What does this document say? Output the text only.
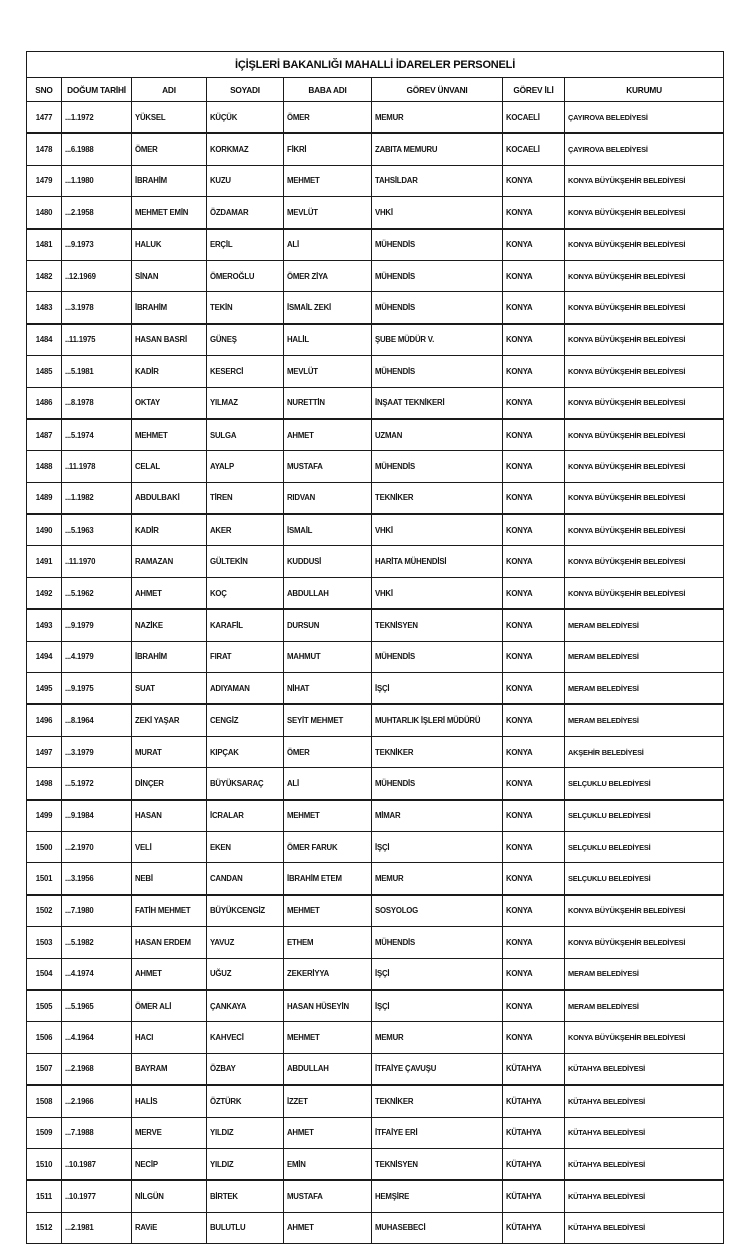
İÇİŞLERİ BAKANLIĞI MAHALLİ İDARELER PERSONELİ							
SNO	DOĞUM TARİHİ	ADI	SOYADI	BABA ADI	GÖREV ÜNVANI	GÖREV İLİ	KURUMU
1477	...1.1972	YÜKSEL	KÜÇÜK	ÖMER	MEMUR	KOCAELİ	ÇAYIROVA BELEDİYESİ
1478	...6.1988	ÖMER	KORKMAZ	FİKRİ	ZABITA MEMURU	KOCAELİ	ÇAYIROVA BELEDİYESİ
1479	...1.1980	İBRAHİM	KUZU	MEHMET	TAHSİLDAR	KONYA	KONYA BÜYÜKŞEHİR BELEDİYESİ
1480	...2.1958	MEHMET EMİN	ÖZDAMAR	MEVLÜT	VHKİ	KONYA	KONYA BÜYÜKŞEHİR BELEDİYESİ
1481	...9.1973	HALUK	ERÇİL	ALİ	MÜHENDİS	KONYA	KONYA BÜYÜKŞEHİR BELEDİYESİ
1482	..12.1969	SİNAN	ÖMEROĞLU	ÖMER ZİYA	MÜHENDİS	KONYA	KONYA BÜYÜKŞEHİR BELEDİYESİ
1483	...3.1978	İBRAHİM	TEKİN	İSMAİL ZEKİ	MÜHENDİS	KONYA	KONYA BÜYÜKŞEHİR BELEDİYESİ
1484	..11.1975	HASAN BASRİ	GÜNEŞ	HALİL	ŞUBE MÜDÜR V.	KONYA	KONYA BÜYÜKŞEHİR BELEDİYESİ
1485	...5.1981	KADİR	KESERCİ	MEVLÜT	MÜHENDİS	KONYA	KONYA BÜYÜKŞEHİR BELEDİYESİ
1486	...8.1978	OKTAY	YILMAZ	NURETTİN	İNŞAAT TEKNİKERİ	KONYA	KONYA BÜYÜKŞEHİR BELEDİYESİ
1487	...5.1974	MEHMET	SULGA	AHMET	UZMAN	KONYA	KONYA BÜYÜKŞEHİR BELEDİYESİ
1488	..11.1978	CELAL	AYALP	MUSTAFA	MÜHENDİS	KONYA	KONYA BÜYÜKŞEHİR BELEDİYESİ
1489	...1.1982	ABDULBAKİ	TİREN	RIDVAN	TEKNİKER	KONYA	KONYA BÜYÜKŞEHİR BELEDİYESİ
1490	...5.1963	KADİR	AKER	İSMAİL	VHKİ	KONYA	KONYA BÜYÜKŞEHİR BELEDİYESİ
1491	..11.1970	RAMAZAN	GÜLTEKİN	KUDDUSİ	HARİTA MÜHENDİSİ	KONYA	KONYA BÜYÜKŞEHİR BELEDİYESİ
1492	...5.1962	AHMET	KOÇ	ABDULLAH	VHKİ	KONYA	KONYA BÜYÜKŞEHİR BELEDİYESİ
1493	...9.1979	NAZİKE	KARAFİL	DURSUN	TEKNİSYEN	KONYA	MERAM BELEDİYESİ
1494	...4.1979	İBRAHİM	FIRAT	MAHMUT	MÜHENDİS	KONYA	MERAM BELEDİYESİ
1495	...9.1975	SUAT	ADIYAMAN	NİHAT	İŞÇİ	KONYA	MERAM BELEDİYESİ
1496	...8.1964	ZEKİ YAŞAR	CENGİZ	SEYİT MEHMET	MUHTARLIK İŞLERİ MÜDÜRÜ	KONYA	MERAM BELEDİYESİ
1497	...3.1979	MURAT	KIPÇAK	ÖMER	TEKNİKER	KONYA	AKŞEHİR BELEDİYESİ
1498	...5.1972	DİNÇER	BÜYÜKSARAÇ	ALİ	MÜHENDİS	KONYA	SELÇUKLU BELEDİYESİ
1499	...9.1984	HASAN	İCRALAR	MEHMET	MİMAR	KONYA	SELÇUKLU BELEDİYESİ
1500	...2.1970	VELİ	EKEN	ÖMER FARUK	İŞÇİ	KONYA	SELÇUKLU BELEDİYESİ
1501	...3.1956	NEBİ	CANDAN	İBRAHİM ETEM	MEMUR	KONYA	SELÇUKLU BELEDİYESİ
1502	...7.1980	FATİH MEHMET	BÜYÜKCENGİZ	MEHMET	SOSYOLOG	KONYA	KONYA BÜYÜKŞEHİR BELEDİYESİ
1503	...5.1982	HASAN ERDEM	YAVUZ	ETHEM	MÜHENDİS	KONYA	KONYA BÜYÜKŞEHİR BELEDİYESİ
1504	...4.1974	AHMET	UĞUZ	ZEKERİYYA	İŞÇİ	KONYA	MERAM BELEDİYESİ
1505	...5.1965	ÖMER ALİ	ÇANKAYA	HASAN HÜSEYİN	İŞÇİ	KONYA	MERAM BELEDİYESİ
1506	...4.1964	HACI	KAHVECİ	MEHMET	MEMUR	KONYA	KONYA BÜYÜKŞEHİR BELEDİYESİ
1507	...2.1968	BAYRAM	ÖZBAY	ABDULLAH	İTFAİYE ÇAVUŞU	KÜTAHYA	KÜTAHYA BELEDİYESİ
1508	...2.1966	HALİS	ÖZTÜRK	İZZET	TEKNİKER	KÜTAHYA	KÜTAHYA BELEDİYESİ
1509	...7.1988	MERVE	YILDIZ	AHMET	İTFAİYE ERİ	KÜTAHYA	KÜTAHYA BELEDİYESİ
1510	..10.1987	NECİP	YILDIZ	EMİN	TEKNİSYEN	KÜTAHYA	KÜTAHYA BELEDİYESİ
1511	..10.1977	NİLGÜN	BİRTEK	MUSTAFA	HEMŞİRE	KÜTAHYA	KÜTAHYA BELEDİYESİ
1512	...2.1981	RAViE	BULUTLU	AHMET	MUHASEBECİ	KÜTAHYA	KÜTAHYA BELEDİYESİ
